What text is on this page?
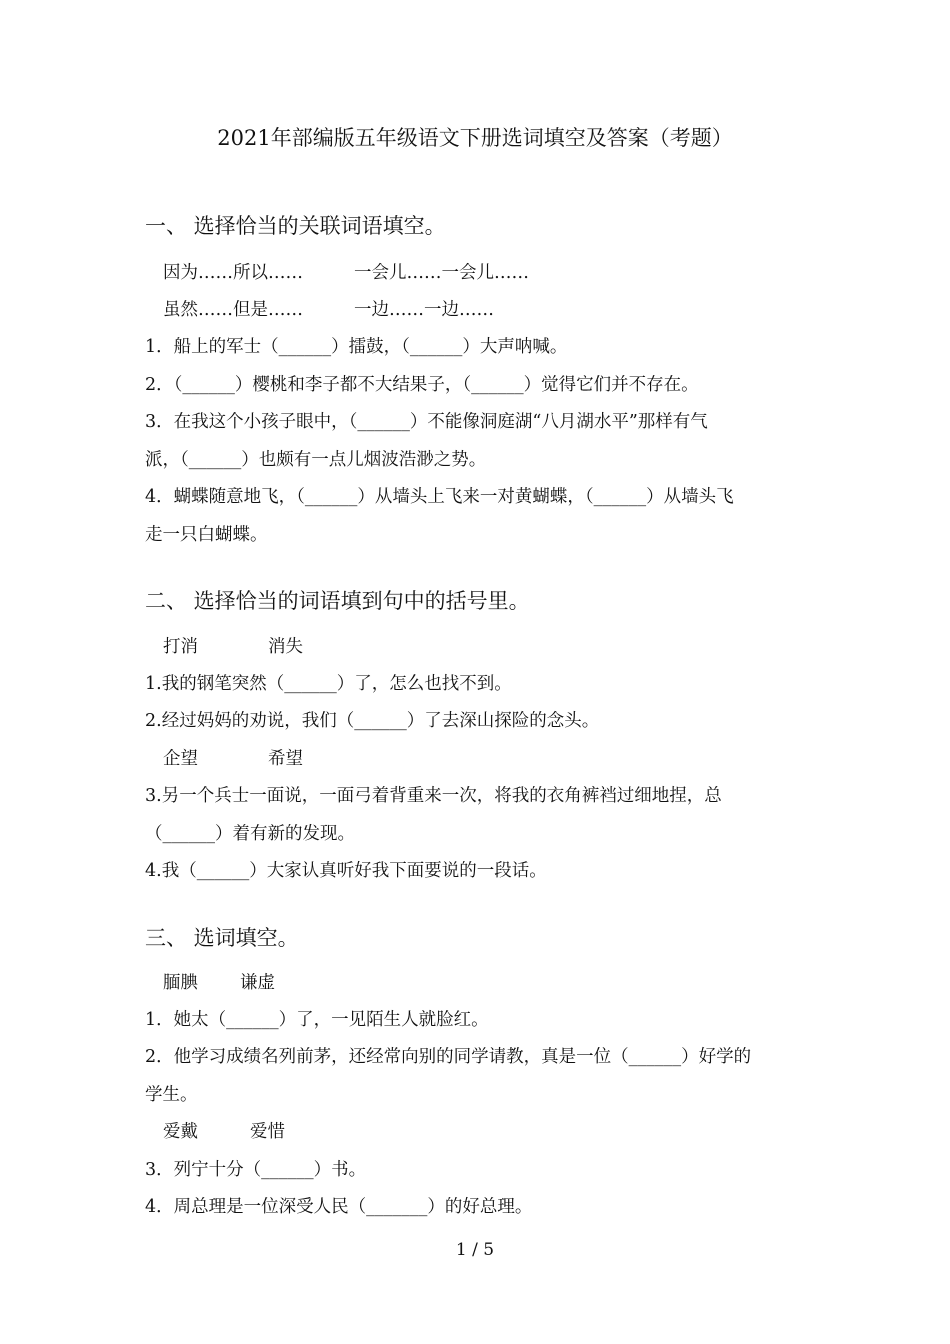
2021年部编版五年级语文下册选词填空及答案（考题）
一、 选择恰当的关联词语填空。
因为……所以……	一会儿……一会儿……
虽然……但是……	一边……一边……
1．船上的军士（______）擂鼓，（______）大声呐喊。
2．（______）樱桃和李子都不大结果子，（______）觉得它们并不存在。
3．在我这个小孩子眼中，（______）不能像洞庭湖“八月湖水平”那样有气
派，（______）也颇有一点儿烟波浩渺之势。
4．蝴蝶随意地飞，（______）从墙头上飞来一对黄蝴蝶，（______）从墙头飞
走一只白蝴蝶。
二、 选择恰当的词语填到句中的括号里。
打消	消失
1.我的钢笔突然（______）了，怎么也找不到。
2.经过妈妈的劝说，我们（______）了去深山探险的念头。
企望	希望
3.另一个兵士一面说，一面弓着背重来一次，将我的衣角裤裆过细地捏，总
（______）着有新的发现。
4.我（______）大家认真听好我下面要说的一段话。
三、 选词填空。
腼腆 谦虚
1．她太（______）了，一见陌生人就脸红。
2．他学习成绩名列前茅，还经常向别的同学请教，真是一位（______）好学的
学生。
爱戴	爱惜
3．列宁十分（______）书。
4．周总理是一位深受人民（_______）的好总理。
1 / 5
